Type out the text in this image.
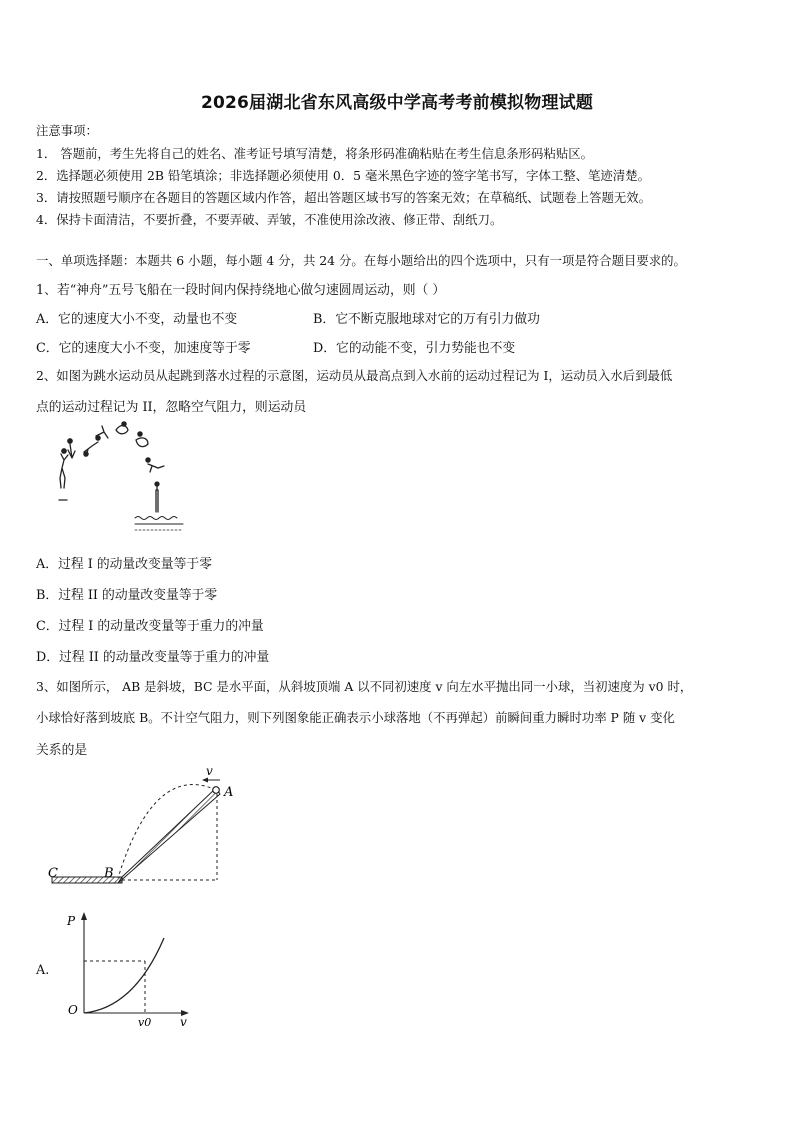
2026届湖北省东风高级中学高考考前模拟物理试题
注意事项：
1． 答题前，考生先将自己的姓名、准考证号填写清楚，将条形码准确粘贴在考生信息条形码粘贴区。
2．选择题必须使用 2B 铅笔填涂；非选择题必须使用 0．5 毫米黑色字迹的签字笔书写，字体工整、笔迹清楚。
3．请按照题号顺序在各题目的答题区域内作答，超出答题区域书写的答案无效；在草稿纸、试题卷上答题无效。
4．保持卡面清洁，不要折叠，不要弄破、弄皱，不准使用涂改液、修正带、刮纸刀。
一、单项选择题：本题共 6 小题，每小题 4 分，共 24 分。在每小题给出的四个选项中，只有一项是符合题目要求的。
1、若“神舟”五号飞船在一段时间内保持绕地心做匀速圆周运动，则（ ）
A．它的速度大小不变，动量也不变	B．它不断克服地球对它的万有引力做功
C．它的速度大小不变，加速度等于零	D．它的动能不变，引力势能也不变
2、如图为跳水运动员从起跳到落水过程的示意图，运动员从最高点到入水前的运动过程记为 I，运动员入水后到最低
点的运动过程记为 II，忽略空气阻力，则运动员
A．过程 I 的动量改变量等于零
B．过程 II 的动量改变量等于零
C．过程 I 的动量改变量等于重力的冲量
D．过程 II 的动量改变量等于重力的冲量
3、如图所示， AB 是斜坡，BC 是水平面，从斜坡顶端 A 以不同初速度 v 向左水平抛出同一小球，当初速度为 v0 时，
小球恰好落到坡底 B。不计空气阻力，则下列图象能正确表示小球落地（不再弹起）前瞬间重力瞬时功率 P 随 v 变化
关系的是
v
A
B
C
A.
P
O
v0 v
